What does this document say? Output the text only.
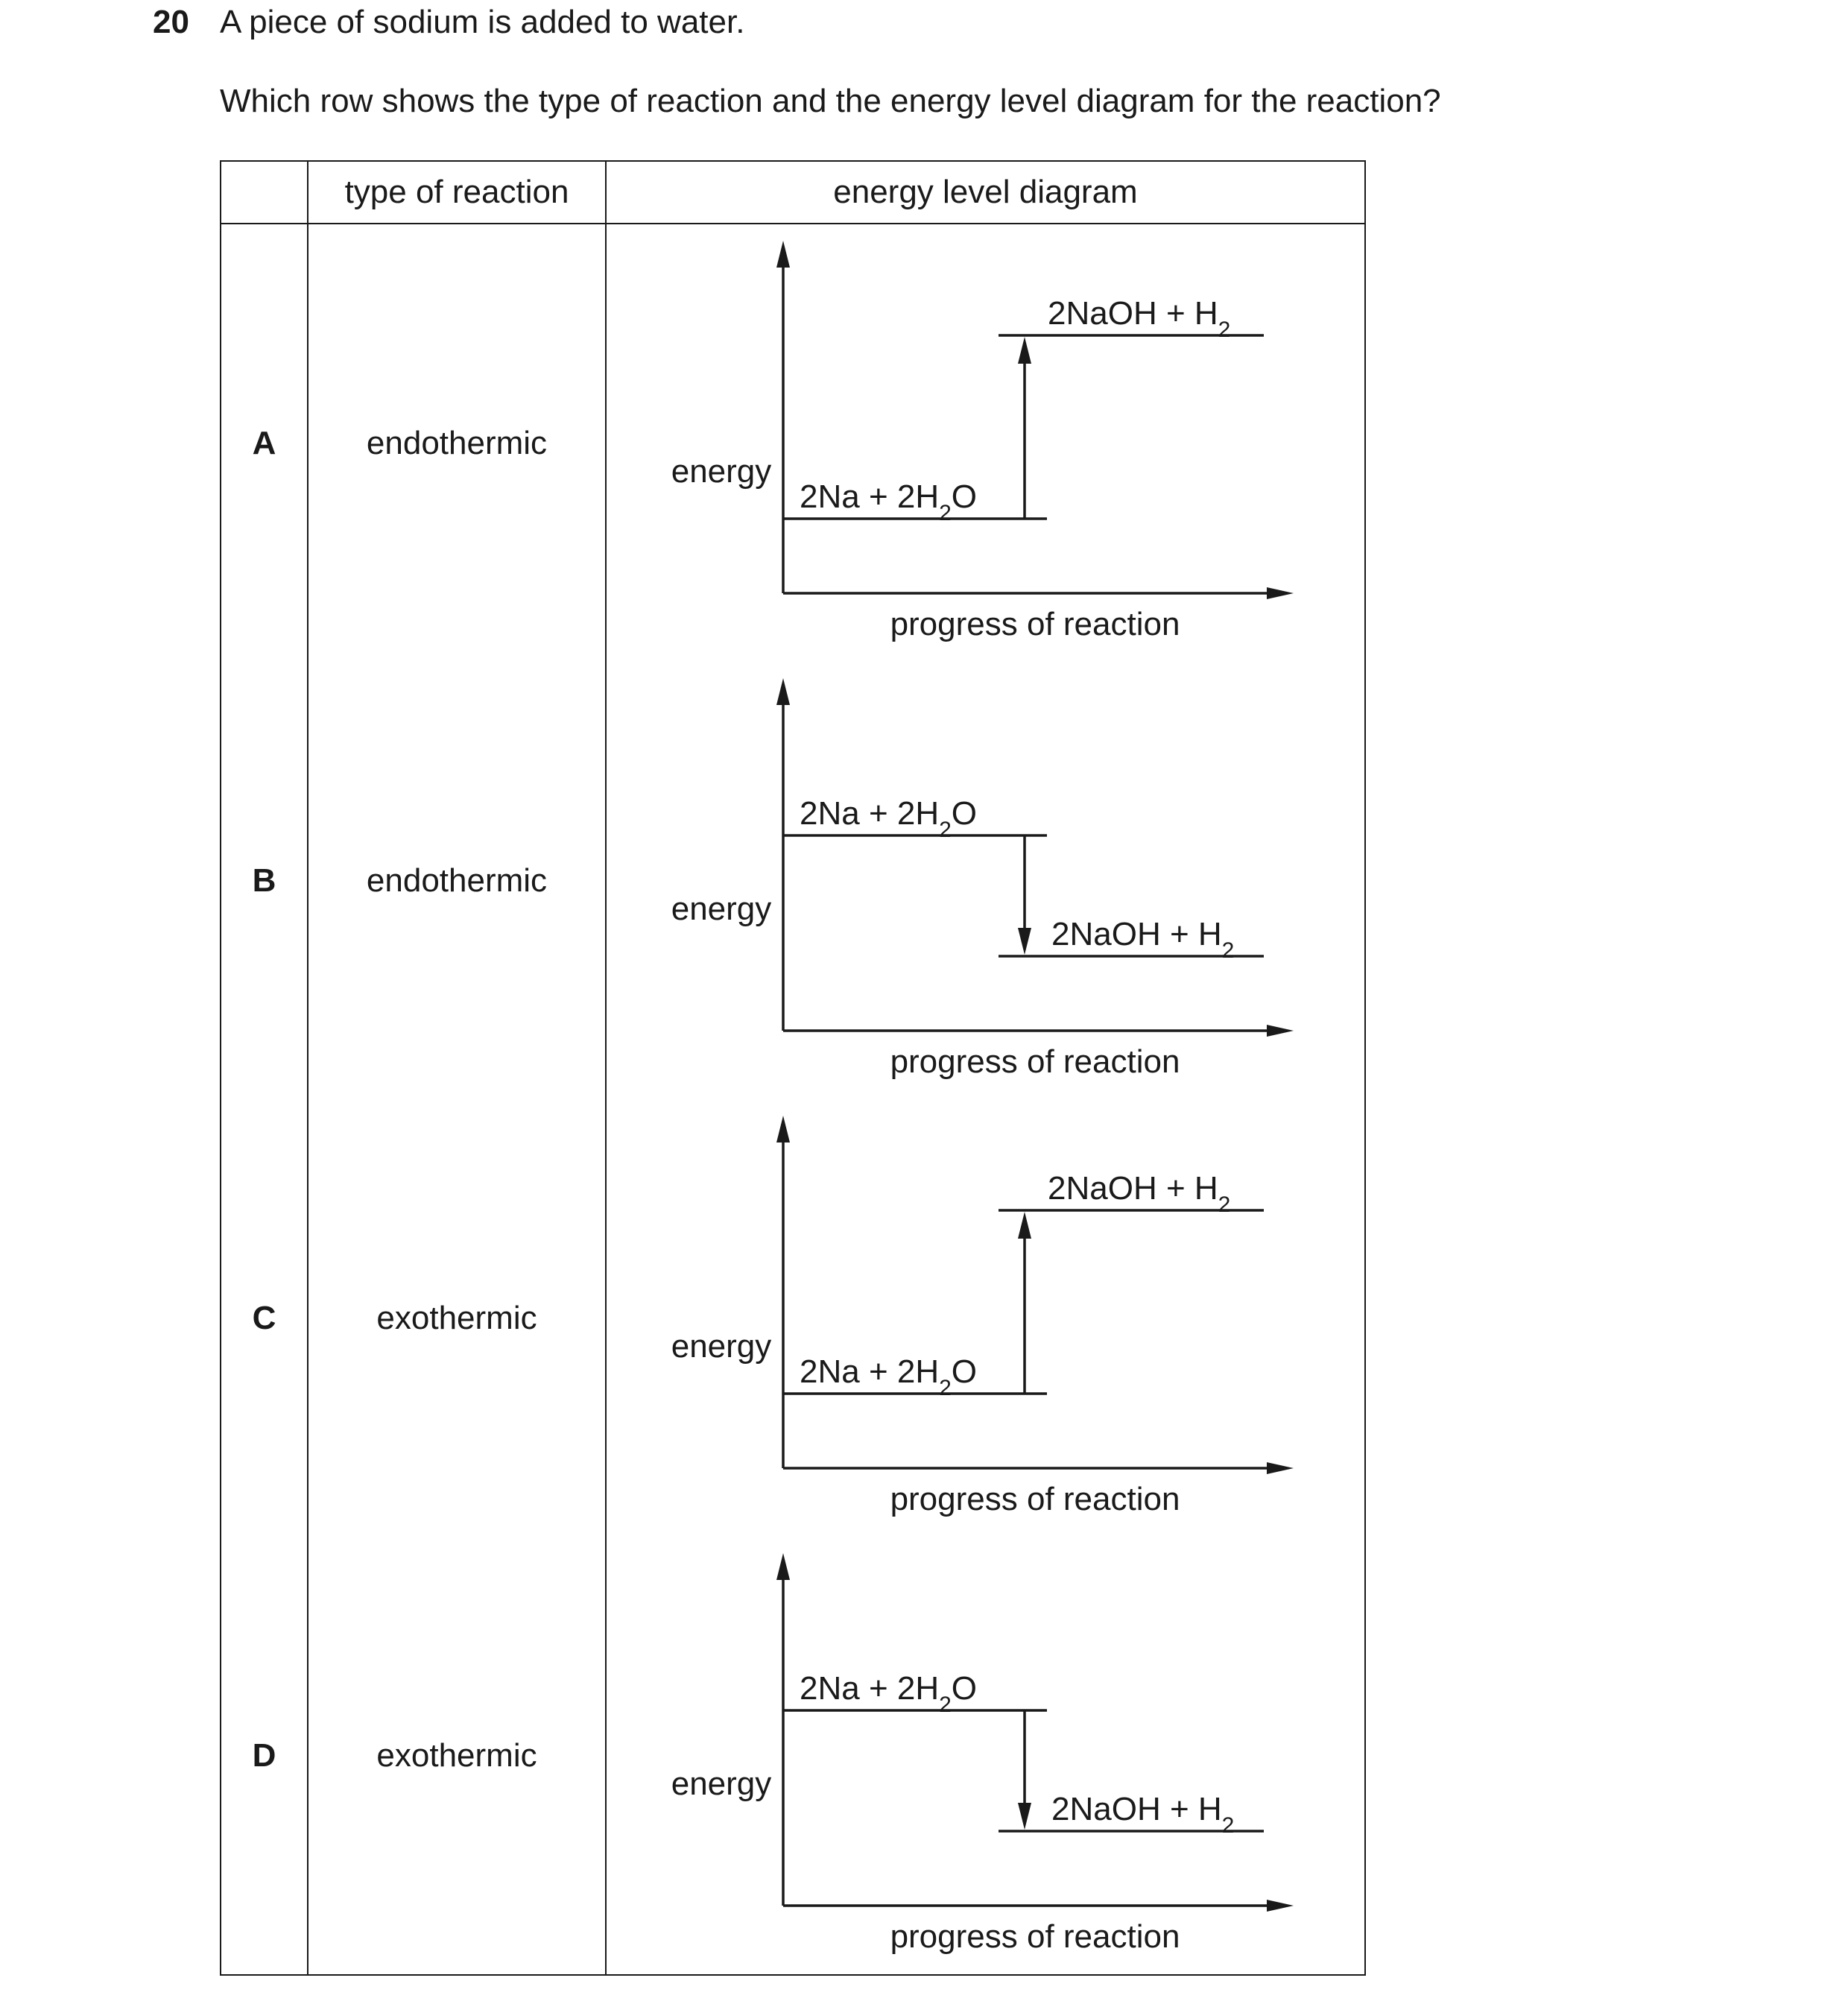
20 A piece of sodium is added to water.
Which row shows the type of reaction and the energy level diagram for the reaction?
	type of reaction	energy level diagram
A	endothermic	energy
progress of reaction
$2Na + 2H_2O$
2NaOH + $H_2$

B	endothermic	energy
progress of reaction
$2Na + 2H_2O$
2NaOH + $H_2$

C	exothermic	energy
progress of reaction
$2Na + 2H_2O$
2NaOH + $H_2$

D	exothermic	energy
progress of reaction
$2Na + 2H_2O$
2NaOH + $H_2$
